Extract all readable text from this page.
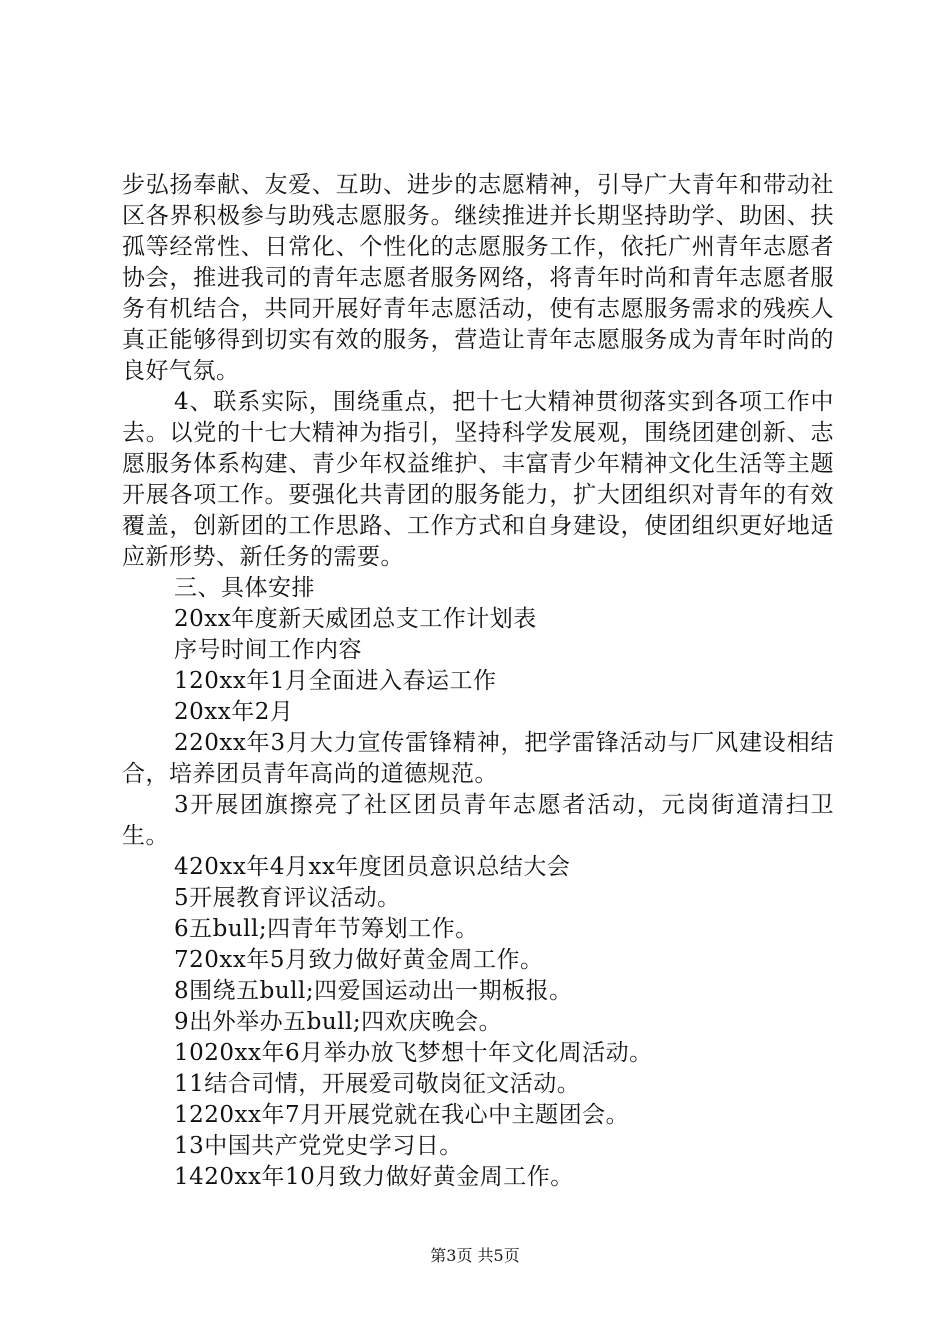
步弘扬奉献、友爱、互助、进步的志愿精神，引导广大青年和带动社区各界积极参与助残志愿服务。继续推进并长期坚持助学、助困、扶孤等经常性、日常化、个性化的志愿服务工作，依托广州青年志愿者协会，推进我司的青年志愿者服务网络，将青年时尚和青年志愿者服务有机结合，共同开展好青年志愿活动，使有志愿服务需求的残疾人真正能够得到切实有效的服务，营造让青年志愿服务成为青年时尚的良好气氛。

4、联系实际，围绕重点，把十七大精神贯彻落实到各项工作中去。以党的十七大精神为指引，坚持科学发展观，围绕团建创新、志愿服务体系构建、青少年权益维护、丰富青少年精神文化生活等主题开展各项工作。要强化共青团的服务能力，扩大团组织对青年的有效覆盖，创新团的工作思路、工作方式和自身建设，使团组织更好地适应新形势、新任务的需要。

三、具体安排

20xx年度新天威团总支工作计划表

序号时间工作内容

120xx年1月全面进入春运工作

20xx年2月

220xx年3月大力宣传雷锋精神，把学雷锋活动与厂风建设相结合，培养团员青年高尚的道德规范。

3开展团旗擦亮了社区团员青年志愿者活动，元岗街道清扫卫生。

420xx年4月xx年度团员意识总结大会

5开展教育评议活动。

6五bull;四青年节筹划工作。

720xx年5月致力做好黄金周工作。

8围绕五bull;四爱国运动出一期板报。

9出外举办五bull;四欢庆晚会。

1020xx年6月举办放飞梦想十年文化周活动。

11结合司情，开展爱司敬岗征文活动。

1220xx年7月开展党就在我心中主题团会。

13中国共产党党史学习日。

1420xx年10月致力做好黄金周工作。

第3页 共5页
